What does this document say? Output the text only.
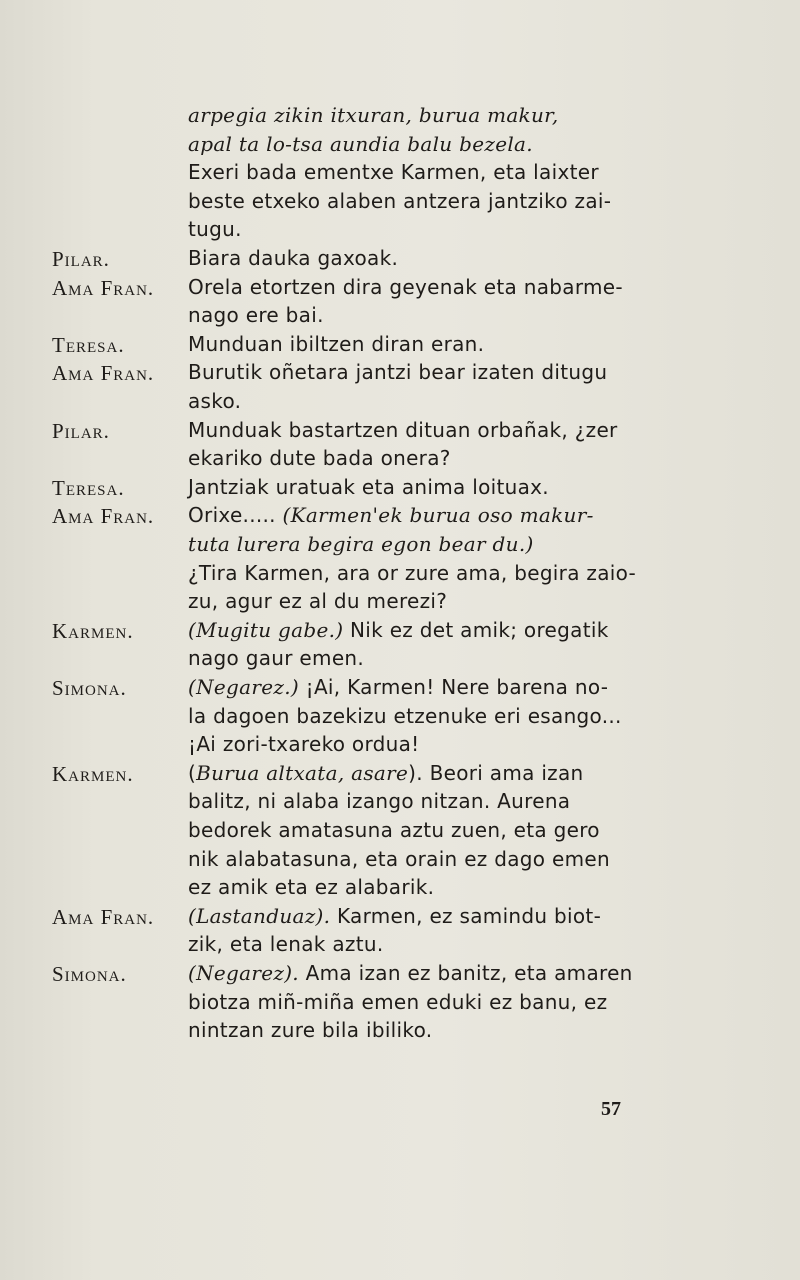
arpegia zikin itxuran, burua makur,
apal ta lo-tsa aundia balu bezela.
Exeri bada ementxe Karmen, eta laixter
beste etxeko alaben antzera jantziko zai-
tugu.
Pilar.	Biara dauka gaxoak.
Ama Fran. Orela etortzen dira geyenak eta nabarme-
nago ere bai.
Teresa.	Munduan ibiltzen diran eran.
Ama Fran. Burutik oñetara jantzi bear izaten ditugu
asko.
Pilar.	Munduak bastartzen dituan orbañak, ¿zer
ekariko dute bada onera?
Teresa.	Jantziak uratuak eta anima loituax.
Ama Fran. Orixe..... (Karmen'ek burua oso makur-
tuta lurera begira egon bear du.)
¿Tira Karmen, ara or zure ama, begira zaio-
zu, agur ez al du merezi?
Karmen.	(Mugitu gabe.) Nik ez det amik; oregatik
nago gaur emen.
Simona.	(Negarez.) ¡Ai, Karmen! Nere barena no-
la dagoen bazekizu etzenuke eri esango...
¡Ai zori-txareko ordua!
Karmen.	(Burua altxata, asare). Beori ama izan
balitz, ni alaba izango nitzan. Aurena
bedorek amatasuna aztu zuen, eta gero
nik alabatasuna, eta orain ez dago emen
ez amik eta ez alabarik.
Ama Fran. (Lastanduaz). Karmen, ez samindu biot-
zik, eta lenak aztu.
Simona.	(Negarez). Ama izan ez banitz, eta amaren
biotza miñ-miña emen eduki ez banu, ez
nintzan zure bila ibiliko.
57
